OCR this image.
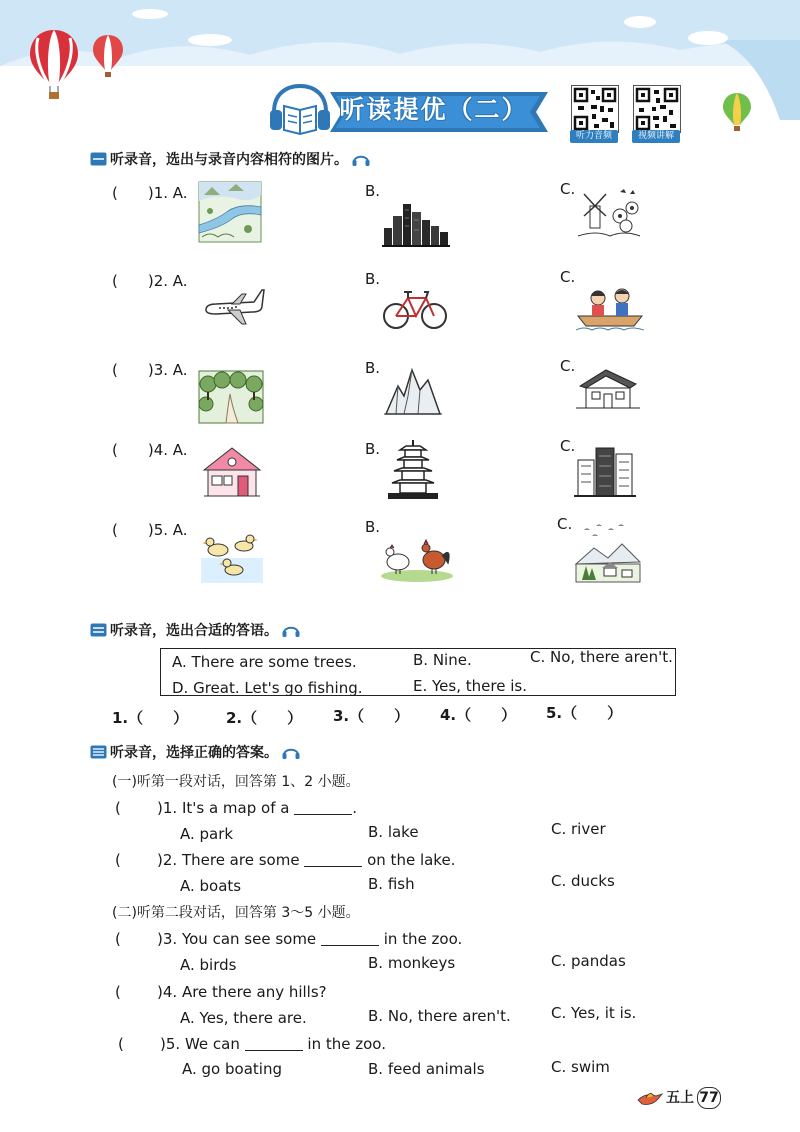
听读提优（二）
听力音频	视频讲解
听录音，选出与录音内容相符的图片。
(　　)1. A.	B.	C.
(　　)2. A.	B.	C.
(　　)3. A.	B.	C.
(　　)4. A.	B.	C.
(　　)5. A.	B.	C.
听录音，选出合适的答语。
A. There are some trees.	B. Nine.	C. No, there aren't.
D. Great. Let's go fishing.	E. Yes, there is.
1.（　　）	2.（　　） 3.（　　） 4.（　　） 5.（　　）
听录音，选择正确的答案。
(一)听第一段对话，回答第 1、2 小题。
( )1. It's a map of a	.
A. park	B. lake	C. river
( )2. There are some	on the lake.
A. boats	B. fish	C. ducks
(二)听第二段对话，回答第 3～5 小题。
( )3. You can see some	in the zoo.
A. birds	B. monkeys	C. pandas
( )4. Are there any hills?
A. Yes, there are.	B. No, there aren't.	C. Yes, it is.
( )5. We can	in the zoo.
A. go boating	B. feed animals	C. swim
五上 77
